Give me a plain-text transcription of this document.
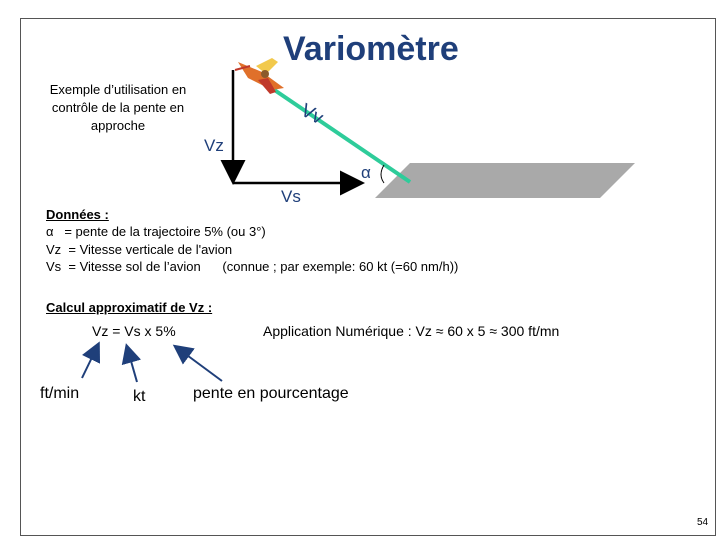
Variomètre
Exemple d’utilisation en contrôle de la pente en approche	Vv
Vz
Vs
α
Données :
α   = pente de la trajectoire 5% (ou 3°)
Vz  = Vitesse verticale de l'avion
Vs  = Vitesse sol de l’avion      (connue ; par exemple: 60 kt (=60 nm/h))
Calcul approximatif de Vz :
Vz = Vs x 5%	Application Numérique : Vz ≈ 60 x 5 ≈ 300 ft/mn
ft/min	kt	pente en pourcentage
54
